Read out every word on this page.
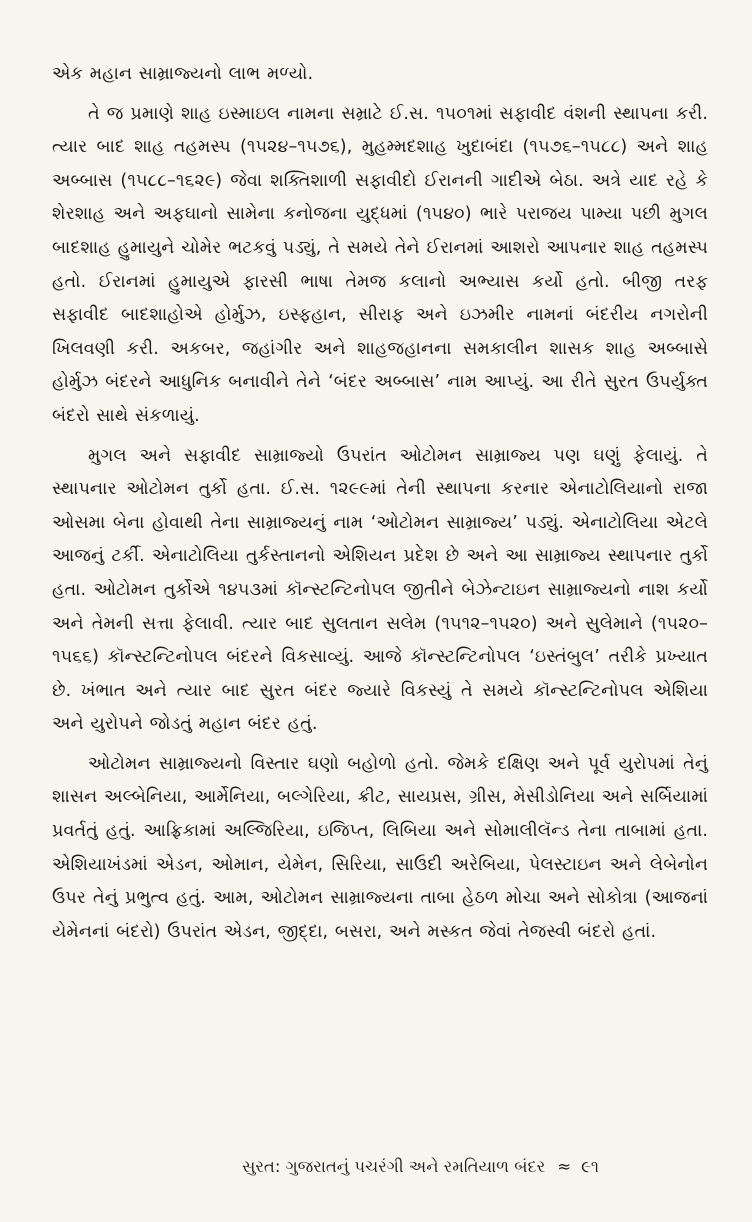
એક મહાન સામ્રાજ્યનો લાભ મળ્યો.

તે જ પ્રમાણે શાહ ઇસ્માઇલ નામના સમ્રાટે ઈ.સ. ૧૫૦૧માં સફાવીદ વંશની સ્થાપના કરી. ત્યાર બાદ શાહ તહમસ્પ (૧૫૨૪–૧૫૭૬), મુહમ્મદશાહ ખુદાબંદા (૧૫૭૬–૧૫૮૮) અને શાહ અબ્બાસ (૧૫૮૮–૧૬૨૯) જેવા શક્તિશાળી સફાવીદો ઈરાનની ગાદીએ બેઠા. અત્રે યાદ રહે કે શેરશાહ અને અફઘાનો સામેના કનોજના યુદ્ધમાં (૧૫૪૦) ભારે પરાજય પામ્યા પછી મુગલ બાદશાહ હુમાયુને ચોમેર ભટકવું પડ્યું, તે સમયે તેને ઈરાનમાં આશરો આપનાર શાહ તહમસ્પ હતો. ઈરાનમાં હુમાયુએ ફારસી ભાષા તેમજ કલાનો અભ્યાસ કર્યો હતો. બીજી તરફ સફાવીદ બાદશાહોએ હોર્મુઝ, ઇસ્ફહાન, સીરાફ અને ઇઝમીર નામનાં બંદરીય નગરોની ખિલવણી કરી. અકબર, જહાંગીર અને શાહજહાનના સમકાલીન શાસક શાહ અબ્બાસે હોર્મુઝ બંદરને આધુનિક બનાવીને તેને ‘બંદર અબ્બાસ’ નામ આપ્યું. આ રીતે સુરત ઉપર્યુક્ત બંદરો સાથે સંકળાયું.

મુગલ અને સફાવીદ સામ્રાજ્યો ઉપરાંત ઓટોમન સામ્રાજ્ય પણ ઘણું ફેલાયું. તે સ્થાપનાર ઓટોમન તુર્કો હતા. ઈ.સ. ૧૨૯૯માં તેની સ્થાપના કરનાર એનાટોલિયાનો રાજા ઓસમા બેના હોવાથી તેના સામ્રાજ્યનું નામ ‘ઓટોમન સામ્રાજ્ય’ પડ્યું. એનાટોલિયા એટલે આજનું ટર્કી. એનાટોલિયા તુર્કસ્તાનનો એશિયન પ્રદેશ છે અને આ સામ્રાજ્ય સ્થાપનાર તુર્કો હતા. ઓટોમન તુર્કોએ ૧૪૫૩માં કૉન્સ્ટન્ટિનોપલ જીતીને બેઝેન્ટાઇન સામ્રાજ્યનો નાશ કર્યો અને તેમની સત્તા ફેલાવી. ત્યાર બાદ સુલતાન સલેમ (૧૫૧૨–૧૫૨૦) અને સુલેમાને (૧૫૨૦–૧૫૬૬) કૉન્સ્ટન્ટિનોપલ બંદરને વિકસાવ્યું. આજે કૉન્સ્ટન્ટિનોપલ ‘ઇસ્તંબુલ’ તરીકે પ્રખ્યાત છે. ખંભાત અને ત્યાર બાદ સુરત બંદર જ્યારે વિકસ્યું તે સમયે કૉન્સ્ટન્ટિનોપલ એશિયા અને યુરોપને જોડતું મહાન બંદર હતું.

ઓટોમન સામ્રાજ્યનો વિસ્તાર ઘણો બહોળો હતો. જેમકે દક્ષિણ અને પૂર્વ યુરોપમાં તેનું શાસન અલ્બેનિયા, આર્મેનિયા, બલ્ગેરિયા, ક્રીટ, સાયપ્રસ, ગ્રીસ, મેસીડોનિયા અને સર્બિયામાં પ્રવર્તતું હતું. આફ્રિકામાં અલ્જિરિયા, ઇજિપ્ત, લિબિયા અને સોમાલીલૅન્ડ તેના તાબામાં હતા. એશિયાખંડમાં એડન, ઓમાન, યેમેન, સિરિયા, સાઉદી અરેબિયા, પેલસ્ટાઇન અને લેબેનોન ઉપર તેનું પ્રભુત્વ હતું. આમ, ઓટોમન સામ્રાજ્યના તાબા હેઠળ મોચા અને સોકોત્રા (આજનાં યેમેનનાં બંદરો) ઉપરાંત એડન, જીદ્દા, બસરા, અને મસ્કત જેવાં તેજસ્વી બંદરો હતાં.

સુરત: ગુજરાતનું પચરંગી અને રમતિયાળ બંદર ≈ ૯૧
